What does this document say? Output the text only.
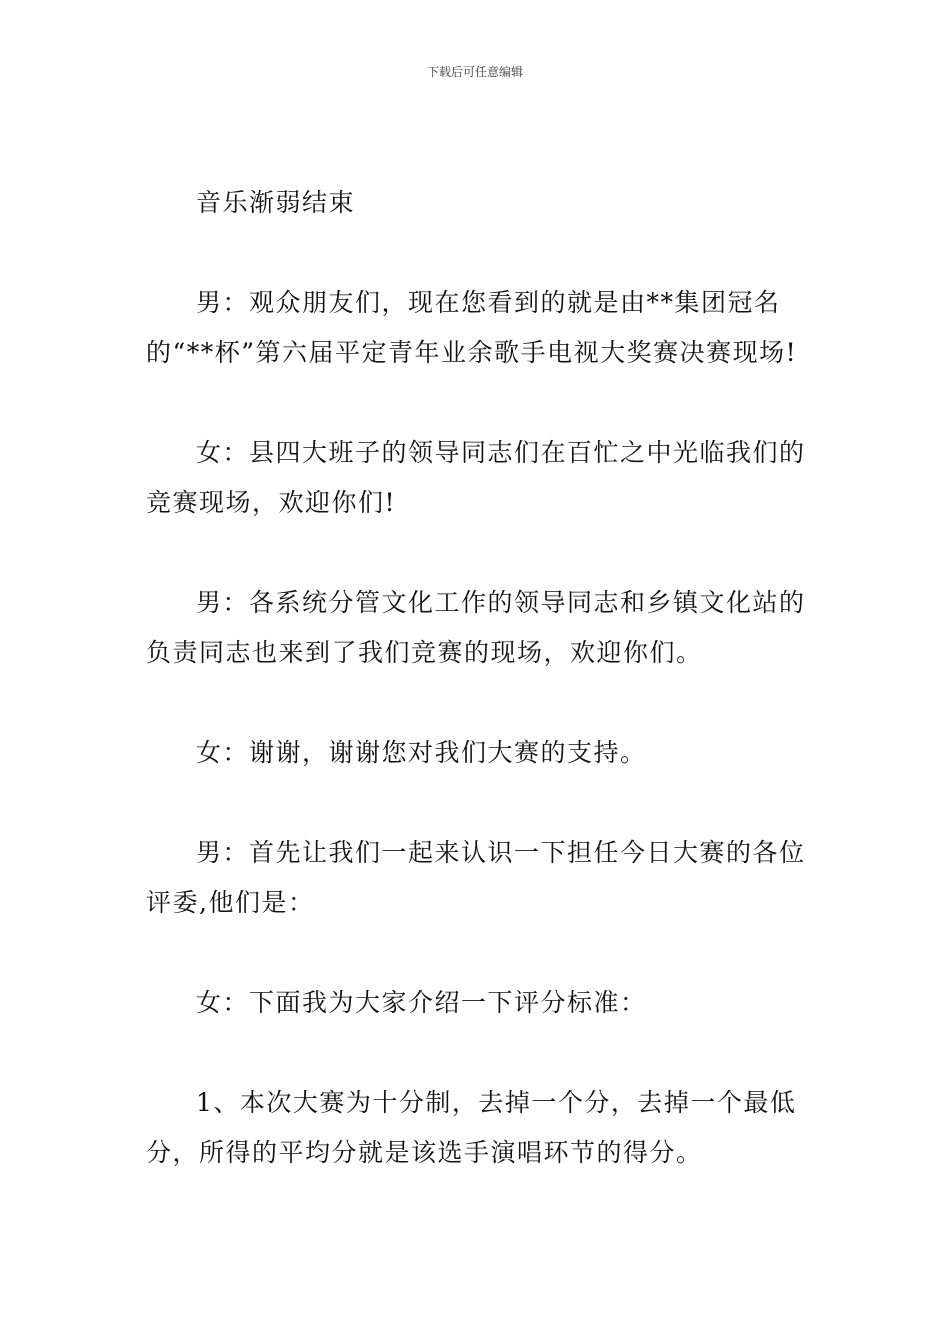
下载后可任意编辑

音乐渐弱结束

男：观众朋友们，现在您看到的就是由**集团冠名的“**杯”第六届平定青年业余歌手电视大奖赛决赛现场!

女：县四大班子的领导同志们在百忙之中光临我们的竞赛现场，欢迎你们!

男：各系统分管文化工作的领导同志和乡镇文化站的负责同志也来到了我们竞赛的现场，欢迎你们。

女：谢谢，谢谢您对我们大赛的支持。

男：首先让我们一起来认识一下担任今日大赛的各位评委,他们是：

女：下面我为大家介绍一下评分标准：

1、本次大赛为十分制，去掉一个分，去掉一个最低分，所得的平均分就是该选手演唱环节的得分。
